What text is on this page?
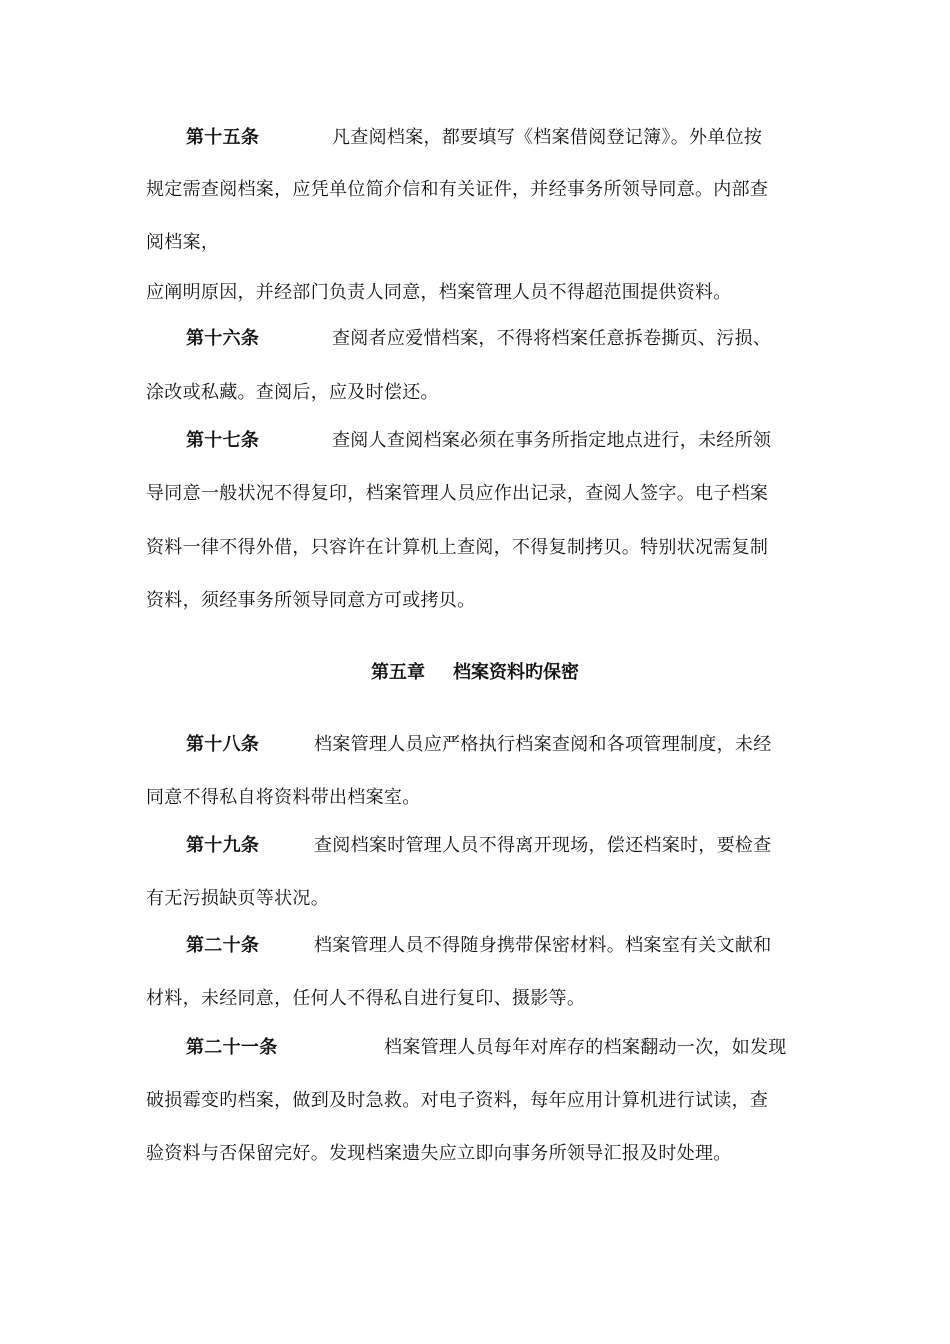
第十五条	凡查阅档案，都要填写《档案借阅登记簿》。外单位按
规定需查阅档案，应凭单位简介信和有关证件，并经事务所领导同意。内部查
阅档案，
应阐明原因，并经部门负责人同意，档案管理人员不得超范围提供资料。
第十六条	查阅者应爱惜档案，不得将档案任意拆卷撕页、污损、
涂改或私藏。查阅后，应及时偿还。
第十七条	查阅人查阅档案必须在事务所指定地点进行，未经所领
导同意一般状况不得复印，档案管理人员应作出记录，查阅人签字。电子档案
资料一律不得外借，只容许在计算机上查阅，不得复制拷贝。特别状况需复制
资料，须经事务所领导同意方可或拷贝。
第五章 档案资料旳保密
第十八条	档案管理人员应严格执行档案查阅和各项管理制度，未经
同意不得私自将资料带出档案室。
第十九条	查阅档案时管理人员不得离开现场，偿还档案时，要检查
有无污损缺页等状况。
第二十条	档案管理人员不得随身携带保密材料。档案室有关文献和
材料，未经同意，任何人不得私自进行复印、摄影等。
第二十一条	档案管理人员每年对库存的档案翻动一次，如发现
破损霉变旳档案，做到及时急救。对电子资料，每年应用计算机进行试读，查
验资料与否保留完好。发现档案遗失应立即向事务所领导汇报及时处理。
